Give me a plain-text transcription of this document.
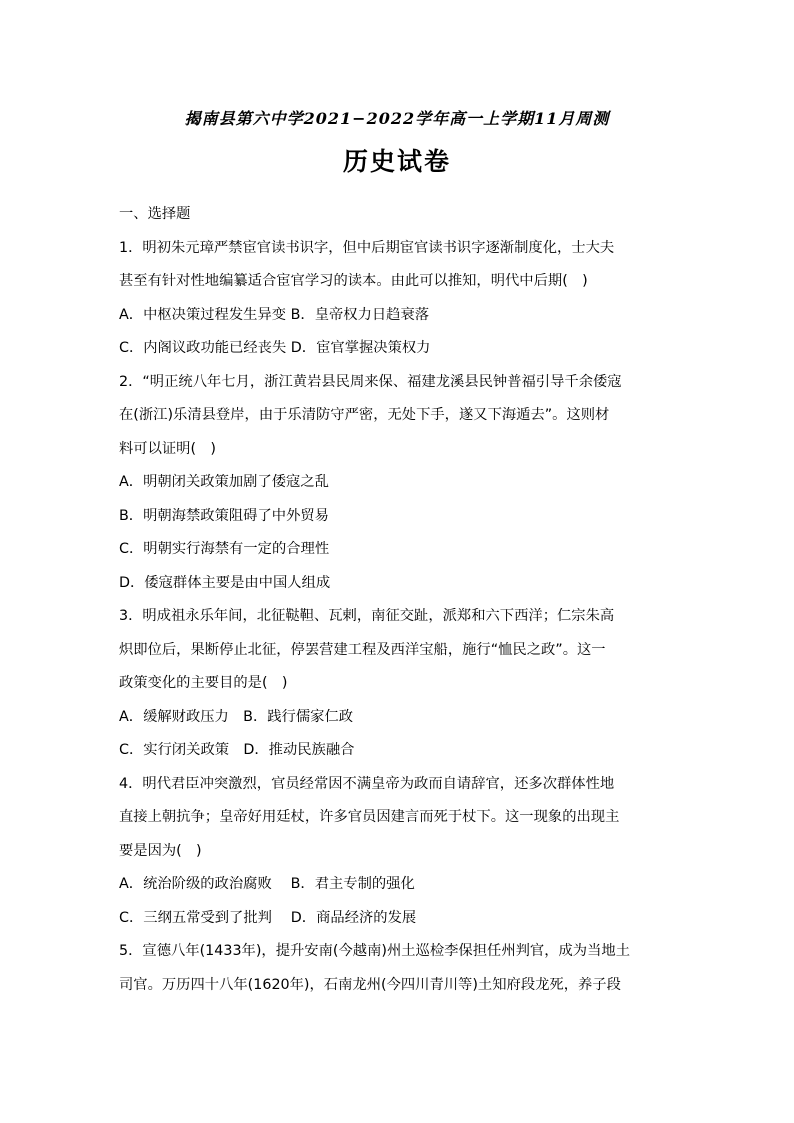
揭南县第六中学2021−2022学年高一上学期11月周测
历史试卷
一、选择题
1．明初朱元璋严禁宦官读书识字，但中后期宦官读书识字逐渐制度化，士大夫
甚至有针对性地编纂适合宦官学习的读本。由此可以推知，明代中后期(　)
A．中枢决策过程发生异变 B．皇帝权力日趋衰落
C．内阁议政功能已经丧失 D．宦官掌握决策权力
2．“明正统八年七月，浙江黄岩县民周来保、福建龙溪县民钟普福引导千余倭寇
在(浙江)乐清县登岸，由于乐清防守严密，无处下手，遂又下海遁去”。这则材
料可以证明(　)
A．明朝闭关政策加剧了倭寇之乱
B．明朝海禁政策阻碍了中外贸易
C．明朝实行海禁有一定的合理性
D．倭寇群体主要是由中国人组成
3．明成祖永乐年间，北征鞑靼、瓦剌，南征交趾，派郑和六下西洋；仁宗朱高
炽即位后，果断停止北征，停罢营建工程及西洋宝船，施行“恤民之政”。这一
政策变化的主要目的是(　)
A．缓解财政压力　B．践行儒家仁政
C．实行闭关政策　D．推动民族融合
4．明代君臣冲突激烈，官员经常因不满皇帝为政而自请辞官，还多次群体性地
直接上朝抗争；皇帝好用廷杖，许多官员因建言而死于杖下。这一现象的出现主
要是因为(　)
A．统治阶级的政治腐败　 B．君主专制的强化
C．三纲五常受到了批判　 D．商品经济的发展
5．宣德八年(1433年)，提升安南(今越南)州土巡检李保担任州判官，成为当地土
司官。万历四十八年(1620年)，石南龙州(今四川青川等)土知府段龙死，养子段
